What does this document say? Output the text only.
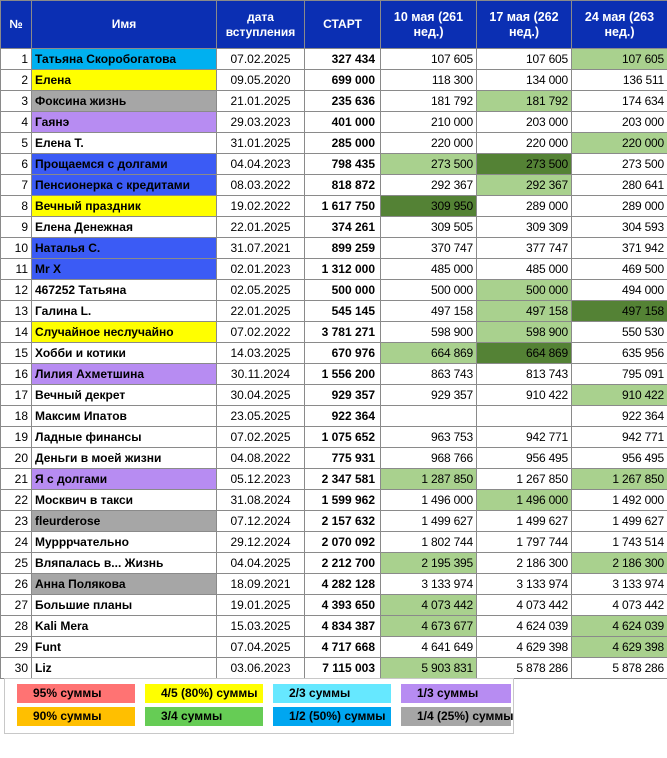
№	Имя	дата вступления	СТАРТ	10 мая (261 нед.)	17 мая (262 нед.)	24 мая (263 нед.)
1	Татьяна Скоробогатова	07.02.2025	327 434	107 605	107 605	107 605
2	Елена	09.05.2020	699 000	118 300	134 000	136 511
3	Фоксина жизнь	21.01.2025	235 636	181 792	181 792	174 634
4	Гаянэ	29.03.2023	401 000	210 000	203 000	203 000
5	Елена Т.	31.01.2025	285 000	220 000	220 000	220 000
6	Прощаемся с долгами	04.04.2023	798 435	273 500	273 500	273 500
7	Пенсионерка с кредитами	08.03.2022	818 872	292 367	292 367	280 641
8	Вечный праздник	19.02.2022	1 617 750	309 950	289 000	289 000
9	Елена Денежная	22.01.2025	374 261	309 505	309 309	304 593
10	Наталья С.	31.07.2021	899 259	370 747	377 747	371 942
11	Mr X	02.01.2023	1 312 000	485 000	485 000	469 500
12	467252 Татьяна	02.05.2025	500 000	500 000	500 000	494 000
13	Галина L.	22.01.2025	545 145	497 158	497 158	497 158
14	Случайное неслучайно	07.02.2022	3 781 271	598 900	598 900	550 530
15	Хобби и котики	14.03.2025	670 976	664 869	664 869	635 956
16	Лилия Ахметшина	30.11.2024	1 556 200	863 743	813 743	795 091
17	Вечный декрет	30.04.2025	929 357	929 357	910 422	910 422
18	Максим Ипатов	23.05.2025	922 364			922 364
19	Ладные финансы	07.02.2025	1 075 652	963 753	942 771	942 771
20	Деньги в моей жизни	04.08.2022	775 931	968 766	956 495	956 495
21	Я с долгами	05.12.2023	2 347 581	1 287 850	1 267 850	1 267 850
22	Москвич в такси	31.08.2024	1 599 962	1 496 000	1 496 000	1 492 000
23	fleurderose	07.12.2024	2 157 632	1 499 627	1 499 627	1 499 627
24	Мурррчательно	29.12.2024	2 070 092	1 802 744	1 797 744	1 743 514
25	Вляпалась в... Жизнь	04.04.2025	2 212 700	2 195 395	2 186 300	2 186 300
26	Анна Полякова	18.09.2021	4 282 128	3 133 974	3 133 974	3 133 974
27	Большие планы	19.01.2025	4 393 650	4 073 442	4 073 442	4 073 442
28	Kali Mera	15.03.2025	4 834 387	4 673 677	4 624 039	4 624 039
29	Funt	07.04.2025	4 717 668	4 641 649	4 629 398	4 629 398
30	Liz	03.06.2023	7 115 003	5 903 831	5 878 286	5 878 286
95% суммы	4/5 (80%) суммы	2/3 суммы	1/3 суммы
90% суммы	3/4 суммы	1/2 (50%) суммы	1/4 (25%) суммы
